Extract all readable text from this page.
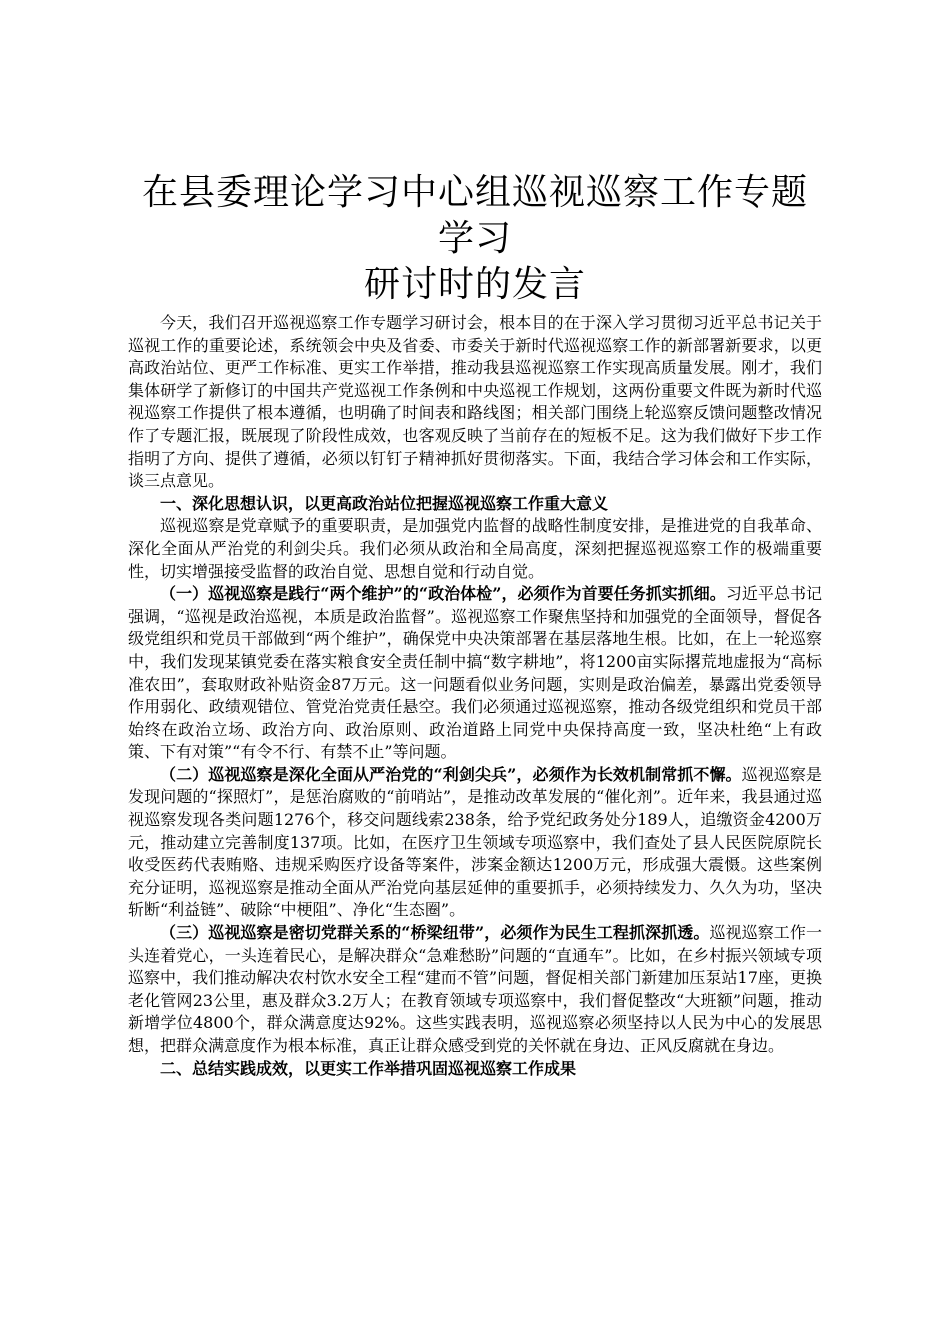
在县委理论学习中心组巡视巡察工作专题学习
研讨时的发言

今天，我们召开巡视巡察工作专题学习研讨会，根本目的在于深入学习贯彻习近平总书记关于巡视工作的重要论述，系统领会中央及省委、市委关于新时代巡视巡察工作的新部署新要求，以更高政治站位、更严工作标准、更实工作举措，推动我县巡视巡察工作实现高质量发展。刚才，我们集体研学了新修订的中国共产党巡视工作条例和中央巡视工作规划，这两份重要文件既为新时代巡视巡察工作提供了根本遵循，也明确了时间表和路线图；相关部门围绕上轮巡察反馈问题整改情况作了专题汇报，既展现了阶段性成效，也客观反映了当前存在的短板不足。这为我们做好下步工作指明了方向、提供了遵循，必须以钉钉子精神抓好贯彻落实。下面，我结合学习体会和工作实际，谈三点意见。

一、深化思想认识，以更高政治站位把握巡视巡察工作重大意义

巡视巡察是党章赋予的重要职责，是加强党内监督的战略性制度安排，是推进党的自我革命、深化全面从严治党的利剑尖兵。我们必须从政治和全局高度，深刻把握巡视巡察工作的极端重要性，切实增强接受监督的政治自觉、思想自觉和行动自觉。

（一）巡视巡察是践行“两个维护”的“政治体检”，必须作为首要任务抓实抓细。习近平总书记强调，“巡视是政治巡视，本质是政治监督”。巡视巡察工作聚焦坚持和加强党的全面领导，督促各级党组织和党员干部做到“两个维护”，确保党中央决策部署在基层落地生根。比如，在上一轮巡察中，我们发现某镇党委在落实粮食安全责任制中搞“数字耕地”，将1200亩实际撂荒地虚报为“高标准农田”，套取财政补贴资金87万元。这一问题看似业务问题，实则是政治偏差，暴露出党委领导作用弱化、政绩观错位、管党治党责任悬空。我们必须通过巡视巡察，推动各级党组织和党员干部始终在政治立场、政治方向、政治原则、政治道路上同党中央保持高度一致，坚决杜绝“上有政策、下有对策”“有令不行、有禁不止”等问题。

（二）巡视巡察是深化全面从严治党的“利剑尖兵”，必须作为长效机制常抓不懈。巡视巡察是发现问题的“探照灯”，是惩治腐败的“前哨站”，是推动改革发展的“催化剂”。近年来，我县通过巡视巡察发现各类问题1276个，移交问题线索238条，给予党纪政务处分189人，追缴资金4200万元，推动建立完善制度137项。比如，在医疗卫生领域专项巡察中，我们查处了县人民医院原院长收受医药代表贿赂、违规采购医疗设备等案件，涉案金额达1200万元，形成强大震慑。这些案例充分证明，巡视巡察是推动全面从严治党向基层延伸的重要抓手，必须持续发力、久久为功，坚决斩断“利益链”、破除“中梗阻”、净化“生态圈”。

（三）巡视巡察是密切党群关系的“桥梁纽带”，必须作为民生工程抓深抓透。巡视巡察工作一头连着党心，一头连着民心，是解决群众“急难愁盼”问题的“直通车”。比如，在乡村振兴领域专项巡察中，我们推动解决农村饮水安全工程“建而不管”问题，督促相关部门新建加压泵站17座，更换老化管网23公里，惠及群众3.2万人；在教育领域专项巡察中，我们督促整改“大班额”问题，推动新增学位4800个，群众满意度达92%。这些实践表明，巡视巡察必须坚持以人民为中心的发展思想，把群众满意度作为根本标准，真正让群众感受到党的关怀就在身边、正风反腐就在身边。

二、总结实践成效，以更实工作举措巩固巡视巡察工作成果
